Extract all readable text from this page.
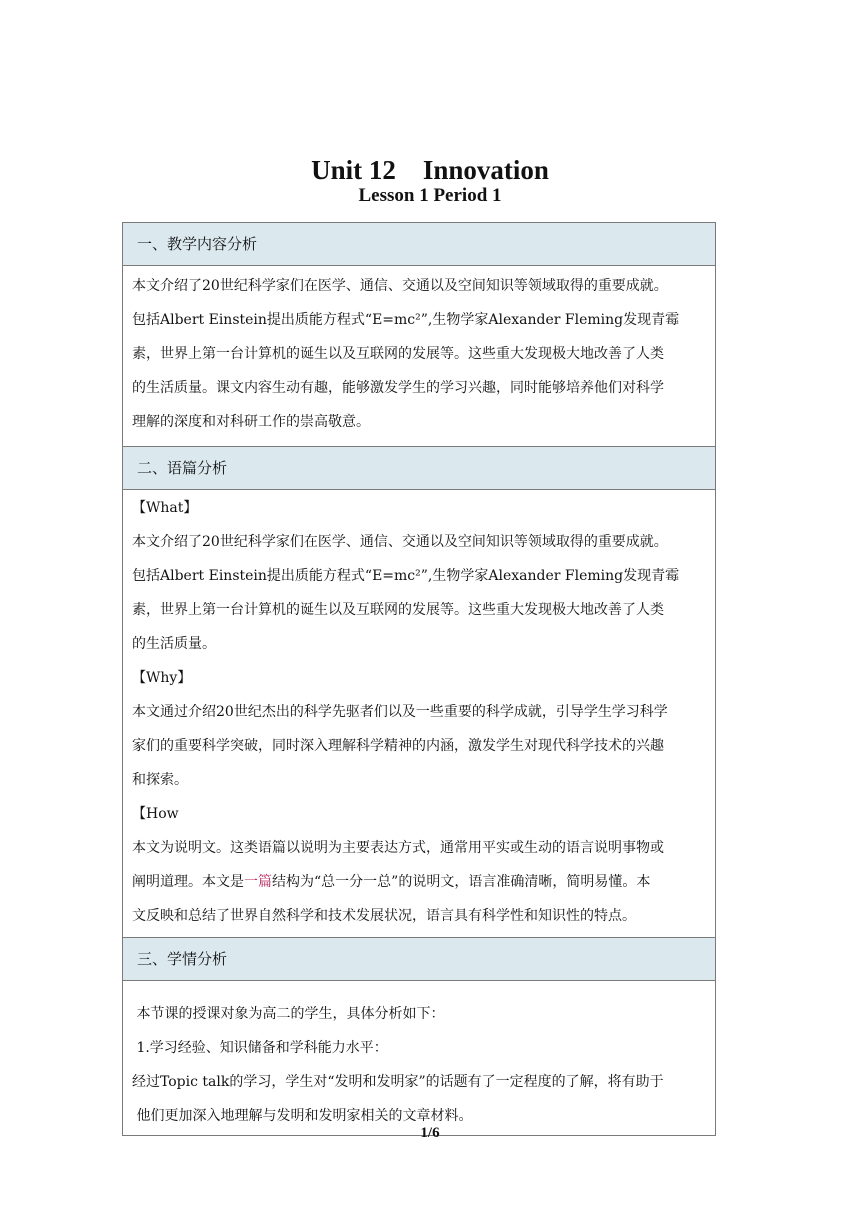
Unit 12　Innovation
Lesson 1 Period 1
一、教学内容分析

本文介绍了20世纪科学家们在医学、通信、交通以及空间知识等领域取得的重要成就。

包括Albert Einstein提出质能方程式“E=mc²”,生物学家Alexander Fleming发现青霉

素，世界上第一台计算机的诞生以及互联网的发展等。这些重大发现极大地改善了人类

的生活质量。课文内容生动有趣，能够激发学生的学习兴趣，同时能够培养他们对科学

理解的深度和对科研工作的崇高敬意。

二、语篇分析

【What】

本文介绍了20世纪科学家们在医学、通信、交通以及空间知识等领域取得的重要成就。

包括Albert Einstein提出质能方程式“E=mc²”,生物学家Alexander Fleming发现青霉

素，世界上第一台计算机的诞生以及互联网的发展等。这些重大发现极大地改善了人类

的生活质量。

【Why】

本文通过介绍20世纪杰出的科学先驱者们以及一些重要的科学成就，引导学生学习科学

家们的重要科学突破，同时深入理解科学精神的内涵，激发学生对现代科学技术的兴趣

和探索。

【How

本文为说明文。这类语篇以说明为主要表达方式，通常用平实或生动的语言说明事物或

阐明道理。本文是一篇结构为“总一分一总”的说明文，语言准确清晰，简明易懂。本

文反映和总结了世界自然科学和技术发展状况，语言具有科学性和知识性的特点。

三、学情分析

本节课的授课对象为高二的学生，具体分析如下：

1.学习经验、知识储备和学科能力水平：

经过Topic talk的学习，学生对“发明和发明家”的话题有了一定程度的了解，将有助于

他们更加深入地理解与发明和发明家相关的文章材料。

1/6
